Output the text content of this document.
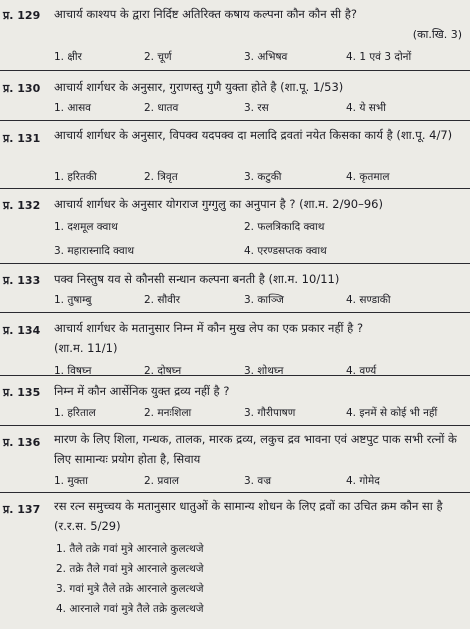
प्र. 129 आचार्य काश्यप के द्वारा निर्दिष्ट अतिरिक्त कषाय कल्पना कौन कौन सी है?
(का.खि. 3)
1. क्षीर	2. चूर्ण	3. अभिषव	4. 1 एवं 3 दोनों
प्र. 130 आचार्य शार्गधर के अनुसार, गुराणस्तु गुणै युक्ता होते है (शा.पू. 1/53)
1. आसव	2. धातव	3. रस	4. ये सभी
प्र. 131 आचार्य शार्गधर के अनुसार, विपक्व यदपक्व दा मलादि द्रवतां नयेत किसका कार्य है (शा.पू. 4/7)
1. हरितकी	2. त्रिवृत	3. कटुकी	4. कृतमाल
प्र. 132 आचार्य शार्गधर के अनुसार योगराज गुग्गुलु का अनुपान है ? (शा.म. 2/90–96)
1. दशमूल क्वाथ	2. फलत्रिकादि क्वाथ
3. महारास्नादि क्वाथ	4. एरण्डसप्तक क्वाथ
प्र. 133 पक्व निस्तुष यव से कौनसी सन्धान कल्पना बनती है (शा.म. 10/11)
1. तुषाम्बु	2. सौवीर	3. काञ्जि	4. सण्डाकी
प्र. 134 आचार्य शार्गधर के मतानुसार निम्न में कौन मुख लेप का एक प्रकार नहीं है ?
(शा.म. 11/1)
1. विषघ्न	2. दोषघ्न	3. शोथघ्न	4. वर्ण्य
प्र. 135 निम्न में कौन आर्सेनिक युक्त द्रव्य नहीं है ?
1. हरिताल	2. मनःशिला	3. गौरीपाषण	4. इनमें से कोई भी नहीं
प्र. 136 मारण के लिए शिला, गन्धक, तालक, मारक द्रव्य, लकुच द्रव भावना एवं अष्टपुट पाक सभी रत्नों के लिए सामान्यः प्रयोग होता है, सिवाय
1. मुक्ता	2. प्रवाल	3. वज्र	4. गोमेद
प्र. 137 रस रत्न समुच्चय के मतानुसार धातुओं के सामान्य शोधन के लिए द्रवों का उचित क्रम कौन सा है (र.र.स. 5/29)
1. तैले तक्रे गवां मुत्रे आरनाले कुलत्थजे
2. तक्रे तैले गवां मुत्रे आरनाले कुलत्थजे
3. गवां मुत्रे तैले तक्रे आरनाले कुलत्थजे
4. आरनाले गवां मुत्रे तैले तक्रे कुलत्थजे
